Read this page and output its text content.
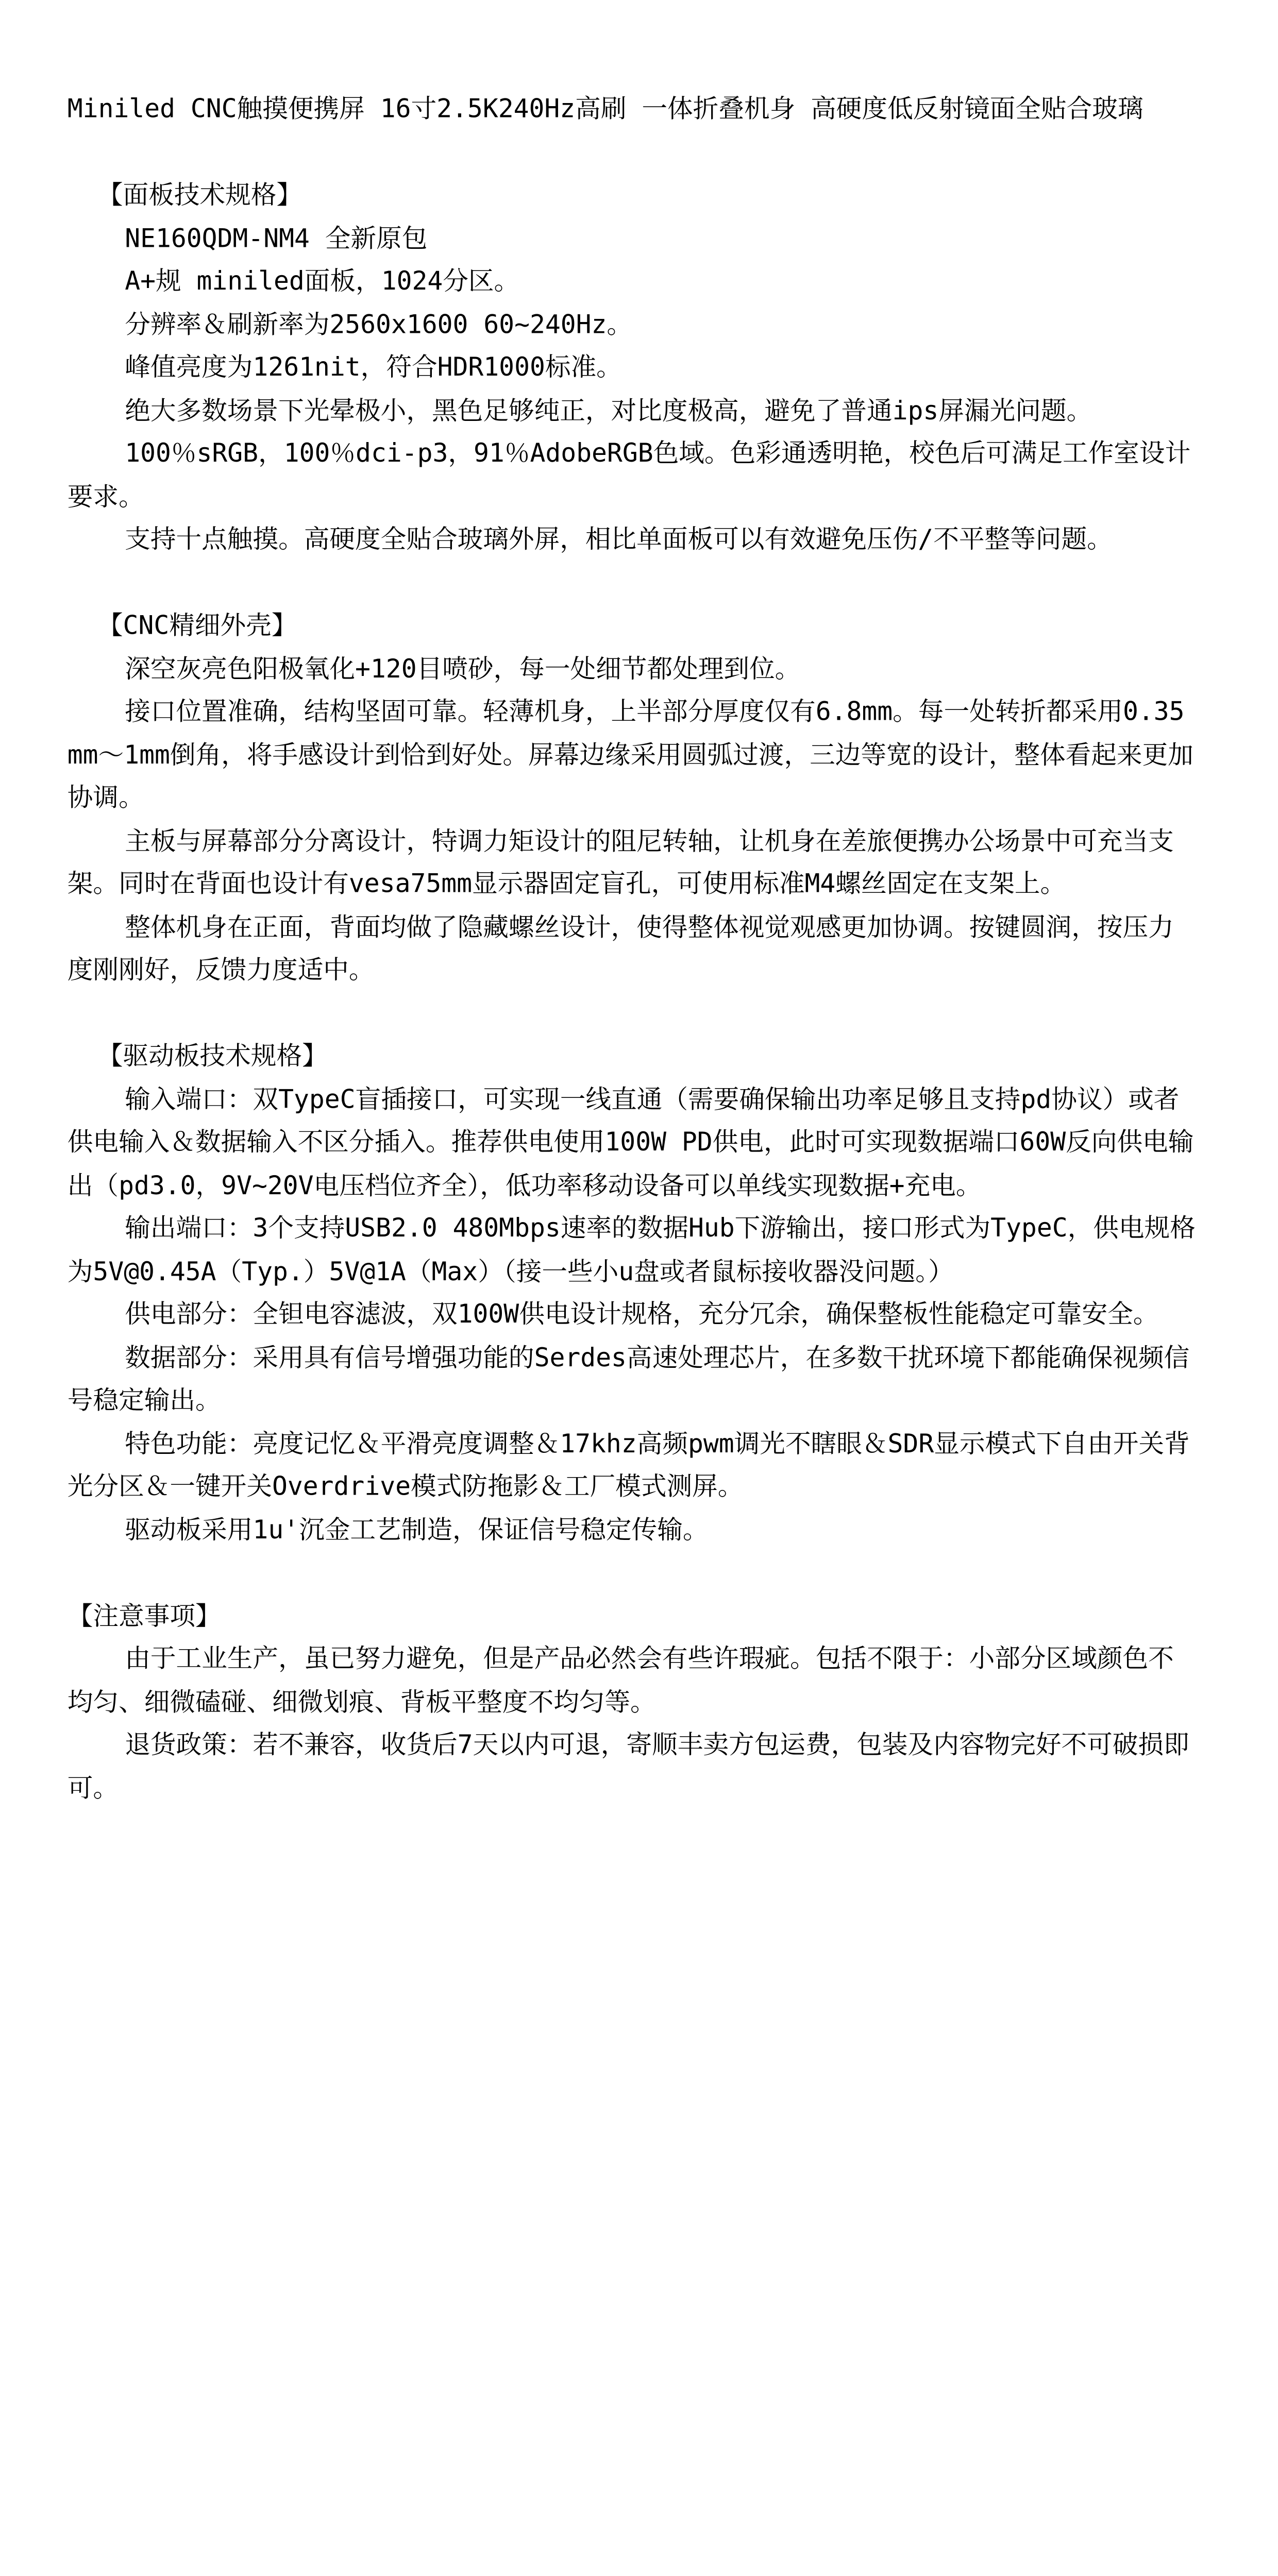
Miniled CNC触摸便携屏 16寸2.5K240Hz高刷 一体折叠机身 高硬度低反射镜面全贴合玻璃

【面板技术规格】

NE160QDM-NM4 全新原包

A+规 miniled面板，1024分区。

分辨率＆刷新率为2560x1600 60~240Hz。

峰值亮度为1261nit，符合HDR1000标准。

绝大多数场景下光晕极小，黑色足够纯正，对比度极高，避免了普通ips屏漏光问题。

100％sRGB，100％dci-p3，91％AdobeRGB色域。色彩通透明艳，校色后可满足工作室设计要求。

支持十点触摸。高硬度全贴合玻璃外屏，相比单面板可以有效避免压伤/不平整等问题。

【CNC精细外壳】

深空灰亮色阳极氧化+120目喷砂，每一处细节都处理到位。

接口位置准确，结构坚固可靠。轻薄机身，上半部分厚度仅有6.8mm。每一处转折都采用0.35mm～1mm倒角，将手感设计到恰到好处。屏幕边缘采用圆弧过渡，三边等宽的设计，整体看起来更加协调。

主板与屏幕部分分离设计，特调力矩设计的阻尼转轴，让机身在差旅便携办公场景中可充当支架。同时在背面也设计有vesa75mm显示器固定盲孔，可使用标准M4螺丝固定在支架上。

整体机身在正面，背面均做了隐藏螺丝设计，使得整体视觉观感更加协调。按键圆润，按压力度刚刚好，反馈力度适中。

【驱动板技术规格】

输入端口：双TypeC盲插接口，可实现一线直通（需要确保输出功率足够且支持pd协议）或者供电输入＆数据输入不区分插入。推荐供电使用100W PD供电，此时可实现数据端口60W反向供电输出（pd3.0，9V~20V电压档位齐全），低功率移动设备可以单线实现数据+充电。

输出端口：3个支持USB2.0 480Mbps速率的数据Hub下游输出，接口形式为TypeC，供电规格为5V@0.45A（Typ.）5V@1A（Max）（接一些小u盘或者鼠标接收器没问题。）

供电部分：全钽电容滤波，双100W供电设计规格，充分冗余，确保整板性能稳定可靠安全。

数据部分：采用具有信号增强功能的Serdes高速处理芯片，在多数干扰环境下都能确保视频信号稳定输出。

特色功能：亮度记忆＆平滑亮度调整＆17khz高频pwm调光不瞎眼＆SDR显示模式下自由开关背光分区＆一键开关Overdrive模式防拖影＆工厂模式测屏。

驱动板采用1u'沉金工艺制造，保证信号稳定传输。

【注意事项】

由于工业生产，虽已努力避免，但是产品必然会有些许瑕疵。包括不限于：小部分区域颜色不均匀、细微磕碰、细微划痕、背板平整度不均匀等。

退货政策：若不兼容，收货后7天以内可退，寄顺丰卖方包运费，包装及内容物完好不可破损即可。
